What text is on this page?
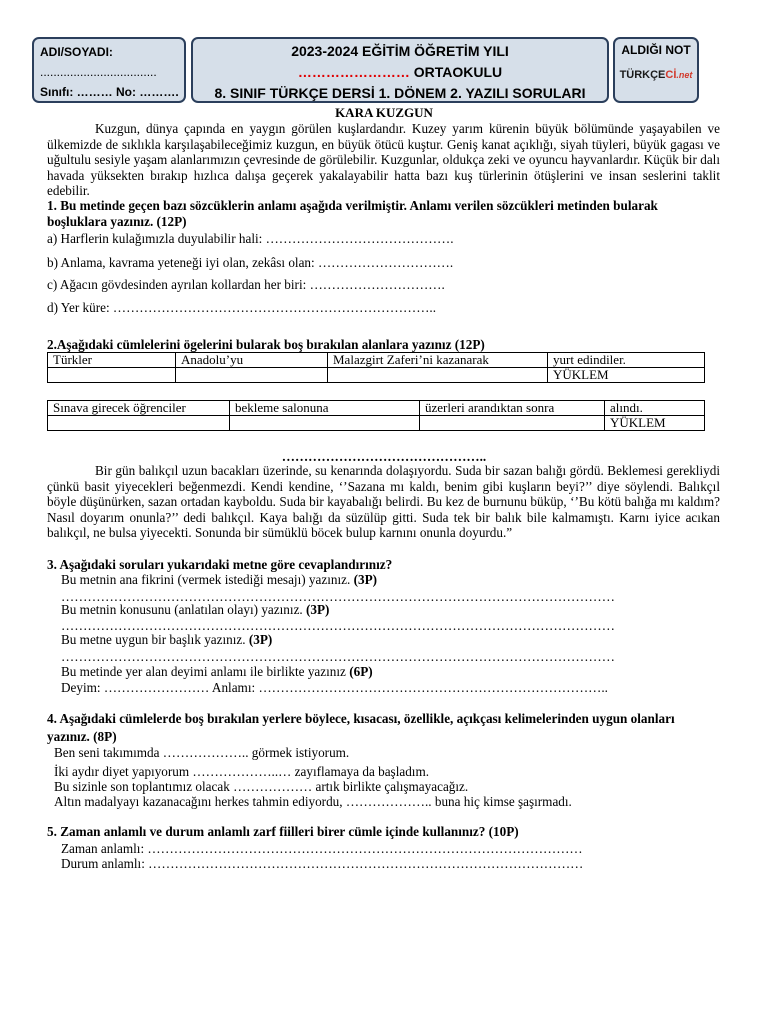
ADI/SOYADI:
...................................
Sınıfı: ……… No: ……….
2023-2024 EĞİTİM ÖĞRETİM YILI
…………………… ORTAOKULU
8. SINIF TÜRKÇE DERSİ 1. DÖNEM 2. YAZILI SORULARI
ALDIĞI NOT
TÜRKÇECİ.net
KARA KUZGUN
Kuzgun, dünya çapında en yaygın görülen kuşlardandır. Kuzey yarım kürenin büyük bölümünde yaşayabilen ve ülkemizde de sıklıkla karşılaşabileceğimiz kuzgun, en büyük ötücü kuştur. Geniş kanat açıklığı, siyah tüyleri, büyük gagası ve uğultulu sesiyle yaşam alanlarımızın çevresinde de görülebilir. Kuzgunlar, oldukça zeki ve oyuncu hayvanlardır. Küçük bir dalı havada yüksekten bırakıp hızlıca dalışa geçerek yakalayabilir hatta bazı kuş türlerinin ötüşlerini ve insan seslerini taklit edebilir.
1. Bu metinde geçen bazı sözcüklerin anlamı aşağıda verilmiştir. Anlamı verilen sözcükleri metinden bularak boşluklara yazınız. (12P)
a) Harflerin kulağımızla duyulabilir hali: …………………………………….
b) Anlama, kavrama yeteneği iyi olan, zekâsı olan: ………………………….
c) Ağacın gövdesinden ayrılan kollardan her biri: ………………………….
d) Yer küre: ………………………………………………………………..
2.Aşağıdaki cümlelerini ögelerini bularak boş bırakılan alanlara yazınız (12P)
Türkler	Anadolu’yu	Malazgirt Zaferi’ni kazanarak	yurt edindiler.
			YÜKLEM
Sınava girecek öğrenciler	bekleme salonuna	üzerleri arandıktan sonra	alındı.
			YÜKLEM
………………………………………..
Bir gün balıkçıl uzun bacakları üzerinde, su kenarında dolaşıyordu. Suda bir sazan balığı gördü. Beklemesi gerekliydi çünkü basit yiyecekleri beğenmezdi. Kendi kendine, ‘’Sazana mı kaldı, benim gibi kuşların beyi?’’ diye söylendi. Balıkçıl böyle düşünürken, sazan ortadan kayboldu. Suda bir kayabalığı belirdi. Bu kez de burnunu büküp, ‘’Bu kötü balığa mı kaldım? Nasıl doyarım onunla?’’ dedi balıkçıl. Kaya balığı da süzülüp gitti. Suda tek bir balık bile kalmamıştı. Karnı iyice acıkan balıkçıl, ne bulsa yiyecekti. Sonunda bir sümüklü böcek bulup karnını onunla doyurdu.”
3. Aşağıdaki soruları yukarıdaki metne göre cevaplandırınız?
Bu metnin ana fikrini (vermek istediği mesajı) yazınız. (3P)
………………………………………………………………………………………………………………
Bu metnin konusunu (anlatılan olayı) yazınız. (3P)
………………………………………………………………………………………………………………
Bu metne uygun bir başlık yazınız. (3P)
………………………………………………………………………………………………………………
Bu metinde yer alan deyimi anlamı ile birlikte yazınız (6P)
Deyim: …………………… Anlamı: ……………………………………………………………………..
4. Aşağıdaki cümlelerde boş bırakılan yerlere böylece, kısacası, özellikle, açıkçası kelimelerinden uygun olanları yazınız. (8P)
Ben seni takımımda ……………….. görmek istiyorum.
İki aydır diyet yapıyorum ………………..… zayıflamaya da başladım.
Bu sizinle son toplantımız olacak ……………… artık birlikte çalışmayacağız.
Altın madalyayı kazanacağını herkes tahmin ediyordu, ……………….. buna hiç kimse şaşırmadı.
5. Zaman anlamlı ve durum anlamlı zarf fiilleri birer cümle içinde kullanınız? (10P)
Zaman anlamlı: ………………………………………………………………………………………
Durum anlamlı: ………………………………………………………………………………………
